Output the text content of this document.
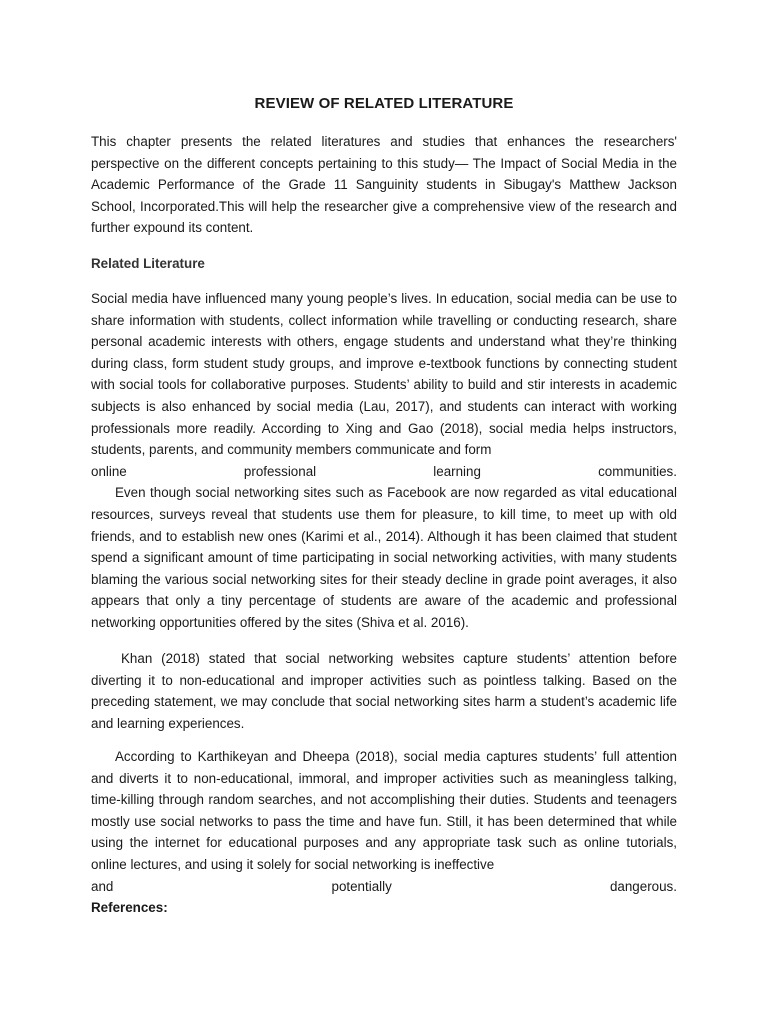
REVIEW OF RELATED LITERATURE
This chapter presents the related literatures and studies that enhances the researchers' perspective on the different concepts pertaining to this study— The Impact of Social Media in the Academic Performance of the Grade 11 Sanguinity students in Sibugay's Matthew Jackson School, Incorporated.This will help the researcher give a comprehensive view of the research and further expound its content.
Related Literature
Social media have influenced many young people’s lives. In education, social media can be use to share information with students, collect information while travelling or conducting research, share personal academic interests with others, engage students and understand what they’re thinking during class, form student study groups, and improve e-textbook functions by connecting student with social tools for collaborative purposes. Students’ ability to build and stir interests in academic subjects is also enhanced by social media (Lau, 2017), and students can interact with working professionals more readily. According to Xing and Gao (2018), social media helps instructors, students, parents, and community members communicate and form
online	professional	learning	communities.
Even though social networking sites such as Facebook are now regarded as vital educational resources, surveys reveal that students use them for pleasure, to kill time, to meet up with old friends, and to establish new ones (Karimi et al., 2014). Although it has been claimed that student spend a significant amount of time participating in social networking activities, with many students blaming the various social networking sites for their steady decline in grade point averages, it also appears that only a tiny percentage of students are aware of the academic and professional networking opportunities offered by the sites (Shiva et al. 2016).
Khan (2018) stated that social networking websites capture students’ attention before diverting it to non-educational and improper activities such as pointless talking. Based on the preceding statement, we may conclude that social networking sites harm a student’s academic life and learning experiences.
According to Karthikeyan and Dheepa (2018), social media captures students’ full attention and diverts it to non-educational, immoral, and improper activities such as meaningless talking, time-killing through random searches, and not accomplishing their duties. Students and teenagers mostly use social networks to pass the time and have fun. Still, it has been determined that while using the internet for educational purposes and any appropriate task such as online tutorials, online lectures, and using it solely for social networking is ineffective
and	potentially	dangerous.
References:
